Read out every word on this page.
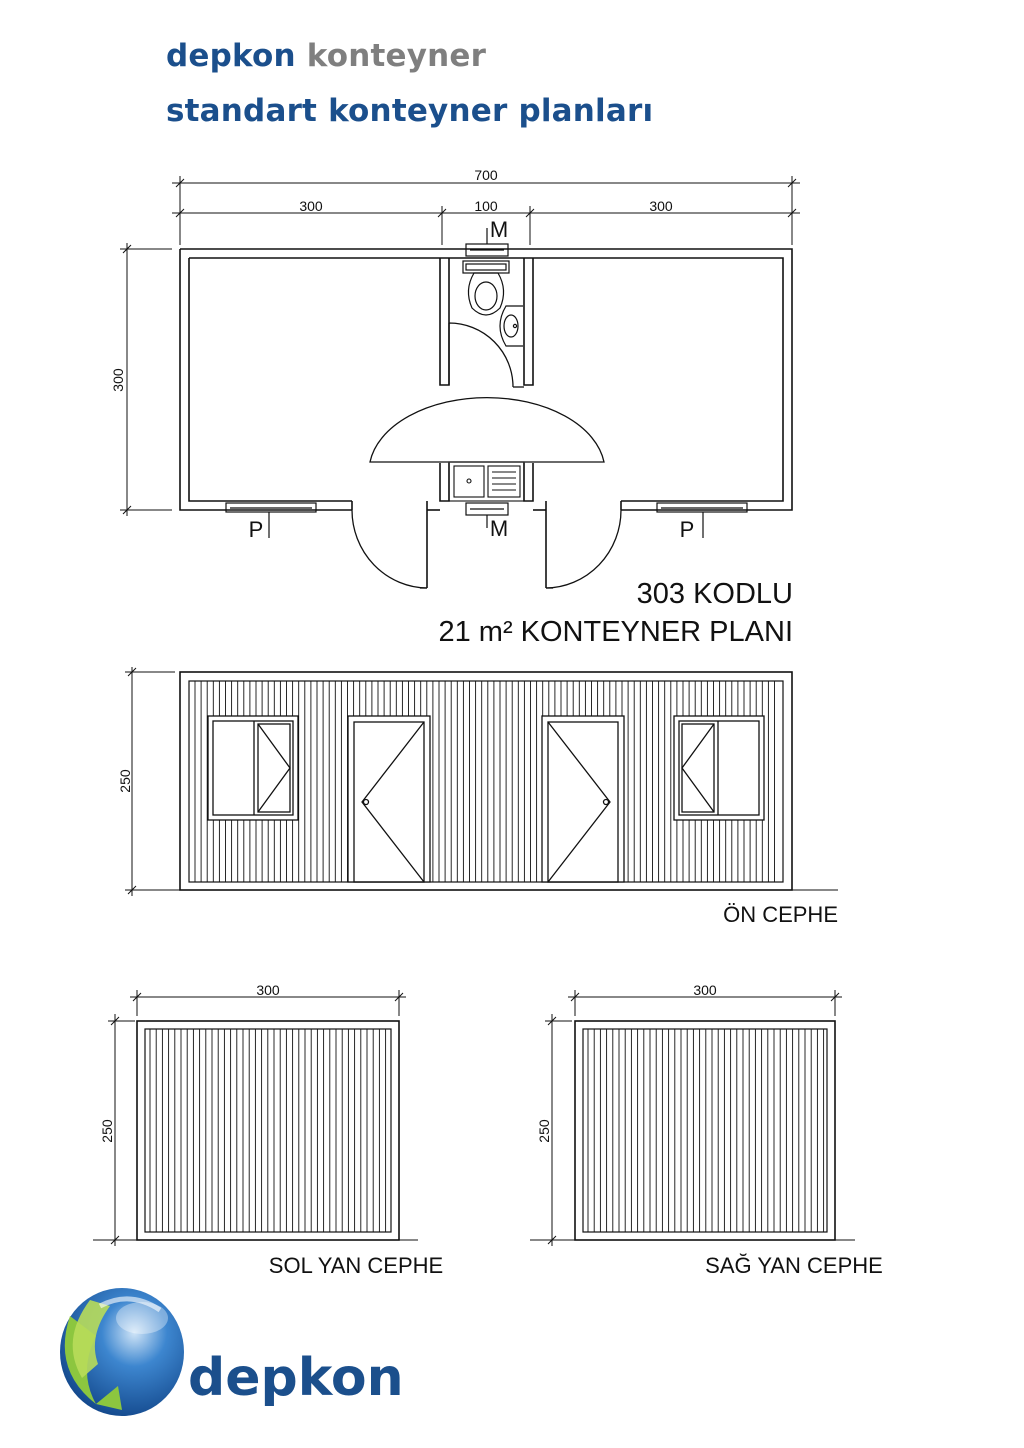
depkon konteyner
standart konteyner planları
700
300	100	300
300
M
M
P	P
303 KODLU
21 m² KONTEYNER PLANI
250
ÖN CEPHE
300
250
SOL YAN CEPHE
300
250
SAĞ YAN CEPHE
depkon
